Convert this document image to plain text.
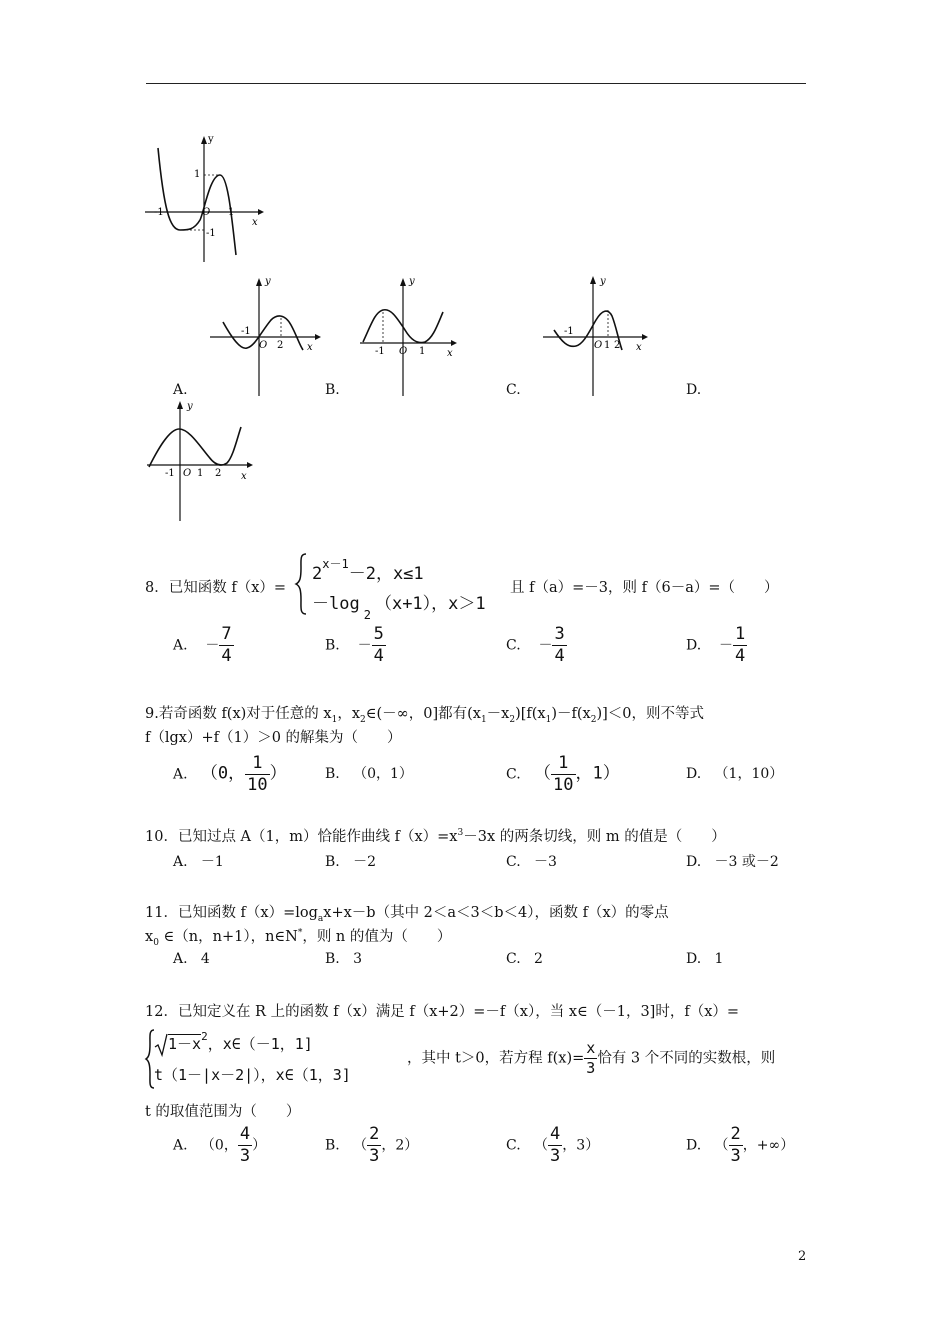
y
x
1
-1	O 1
-1
y
x
-1
O 2
y
x
-1 O 1
y
x
-1
O 1 2
A.	B.	C.	D.
y
x
-1 O 1 2
8．已知函数 f（x）=
$2^{x-1}-2$，x≤1
$-\log_2(x+1)$，x＞1
且 f（a）=－3，则 f（6－a）=（　　）
A. － $\frac{7}{4}$	B. － $\frac{5}{4}$	C. － $\frac{3}{4}$	D. － $\frac{1}{4}$
9.若奇函数 f(x)对于任意的 $x_1$，$x_2\in(-\infty$，0]都有$(x_1-x_2)[f(x_1)-f(x_2)]<0$，则不等式
f（lgx）+f（1）＞0 的解集为（　　）
A. （0， $\frac{1}{10}$ ）	B. （0，1）	C. （ $\frac{1}{10}$ ，1）	D. （1，10）
10．已知过点 A（1，m）恰能作曲线 $f(x)=x^3-3x$ 的两条切线，则 m 的值是（　　）
A. －1	B. －2	C. －3	D. －3 或－2
11．已知函数 $f(x)=\log_ax+x-b$（其中 2＜a＜3＜b＜4），函数 f（x）的零点
$x_0$ ∈（n，n+1），n∈N*，则 n 的值为（　　）
A. 4	B. 3	C. 2	D. 1
12．已知定义在 R 上的函数 f（x）满足 f（x+2）=－f（x），当 x∈（－1，3]时，f（x）=
$1-x^2$，x∈（－1，1]
t（1－|x－2|），x∈（1，3]
，其中 t＞0，若方程 $f(x)= \frac{x}{3}$ 恰有 3 个不同的实数根，则
t 的取值范围为（　　）
A. （0， $\frac{4}{3}$ ）	B. （ $\frac{2}{3}$ ，2）	C. （ $\frac{4}{3}$ ，3）	D. （ $\frac{2}{3}$ ，+∞）
2
